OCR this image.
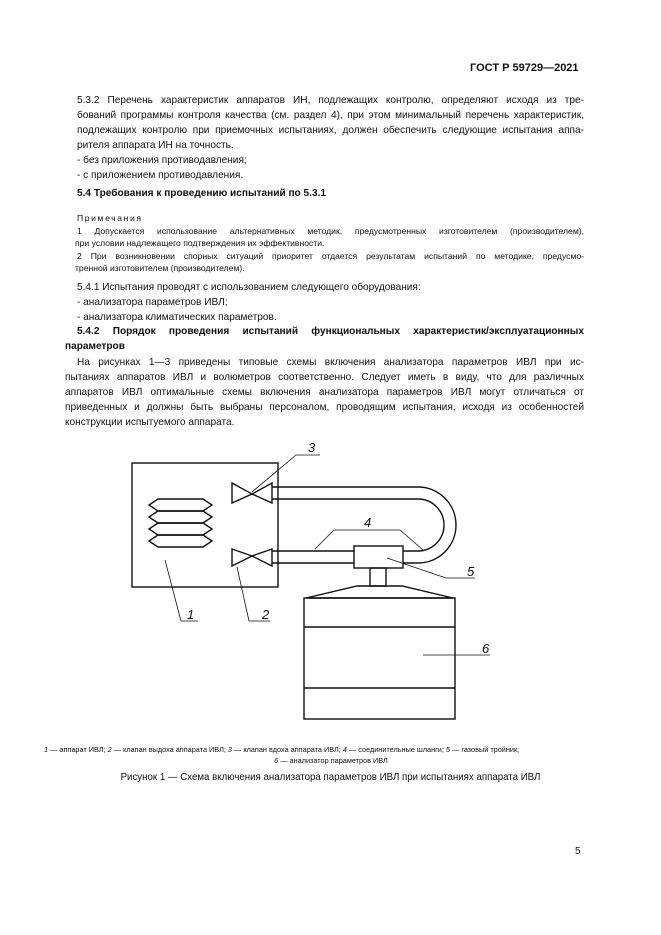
ГОСТ Р 59729—2021
5.3.2 Перечень характеристик аппаратов ИН, подлежащих контролю, определяют исходя из тре-
бований программы контроля качества (см. раздел 4), при этом минимальный перечень характеристик,
подлежащих контролю при приемочных испытаниях, должен обеспечить следующие испытания аппа-
рителя аппарата ИН на точность.
- без приложения противодавления;
- с приложением противодавления.
5.4 Требования к проведению испытаний по 5.3.1
Примечания
1 Допускается использование альтернативных методик, предусмотренных изготовителем (производителем),
при условии надлежащего подтверждения их эффективности.
2 При возникновении спорных ситуаций приоритет отдается результатам испытаний по методике, предусмо-
тренной изготовителем (производителем).
5.4.1 Испытания проводят с использованием следующего оборудования:
- анализатора параметров ИВЛ;
- анализатора климатических параметров.
5.4.2 Порядок проведения испытаний функциональных характеристик/эксплуатационных
параметров
На рисунках 1—3 приведены типовые схемы включения анализатора параметров ИВЛ при ис-
пытаниях аппаратов ИВЛ и волюметров соответственно. Следует иметь в виду, что для различных
аппаратов ИВЛ оптимальные схемы включения анализатора параметров ИВЛ могут отличаться от
приведенных и должны быть выбраны персоналом, проводящим испытания, исходя из особенностей
конструкции испытуемого аппарата.
3
4
5
6
1	2
1 — аппарат ИВЛ; 2 — клапан выдоха аппарата ИВЛ; 3 — клапан вдоха аппарата ИВЛ; 4 — соединительные шланги; 5 — газовый тройник;
6 — анализатор параметров ИВЛ
Рисунок 1 — Схема включения анализатора параметров ИВЛ при испытаниях аппарата ИВЛ
5
